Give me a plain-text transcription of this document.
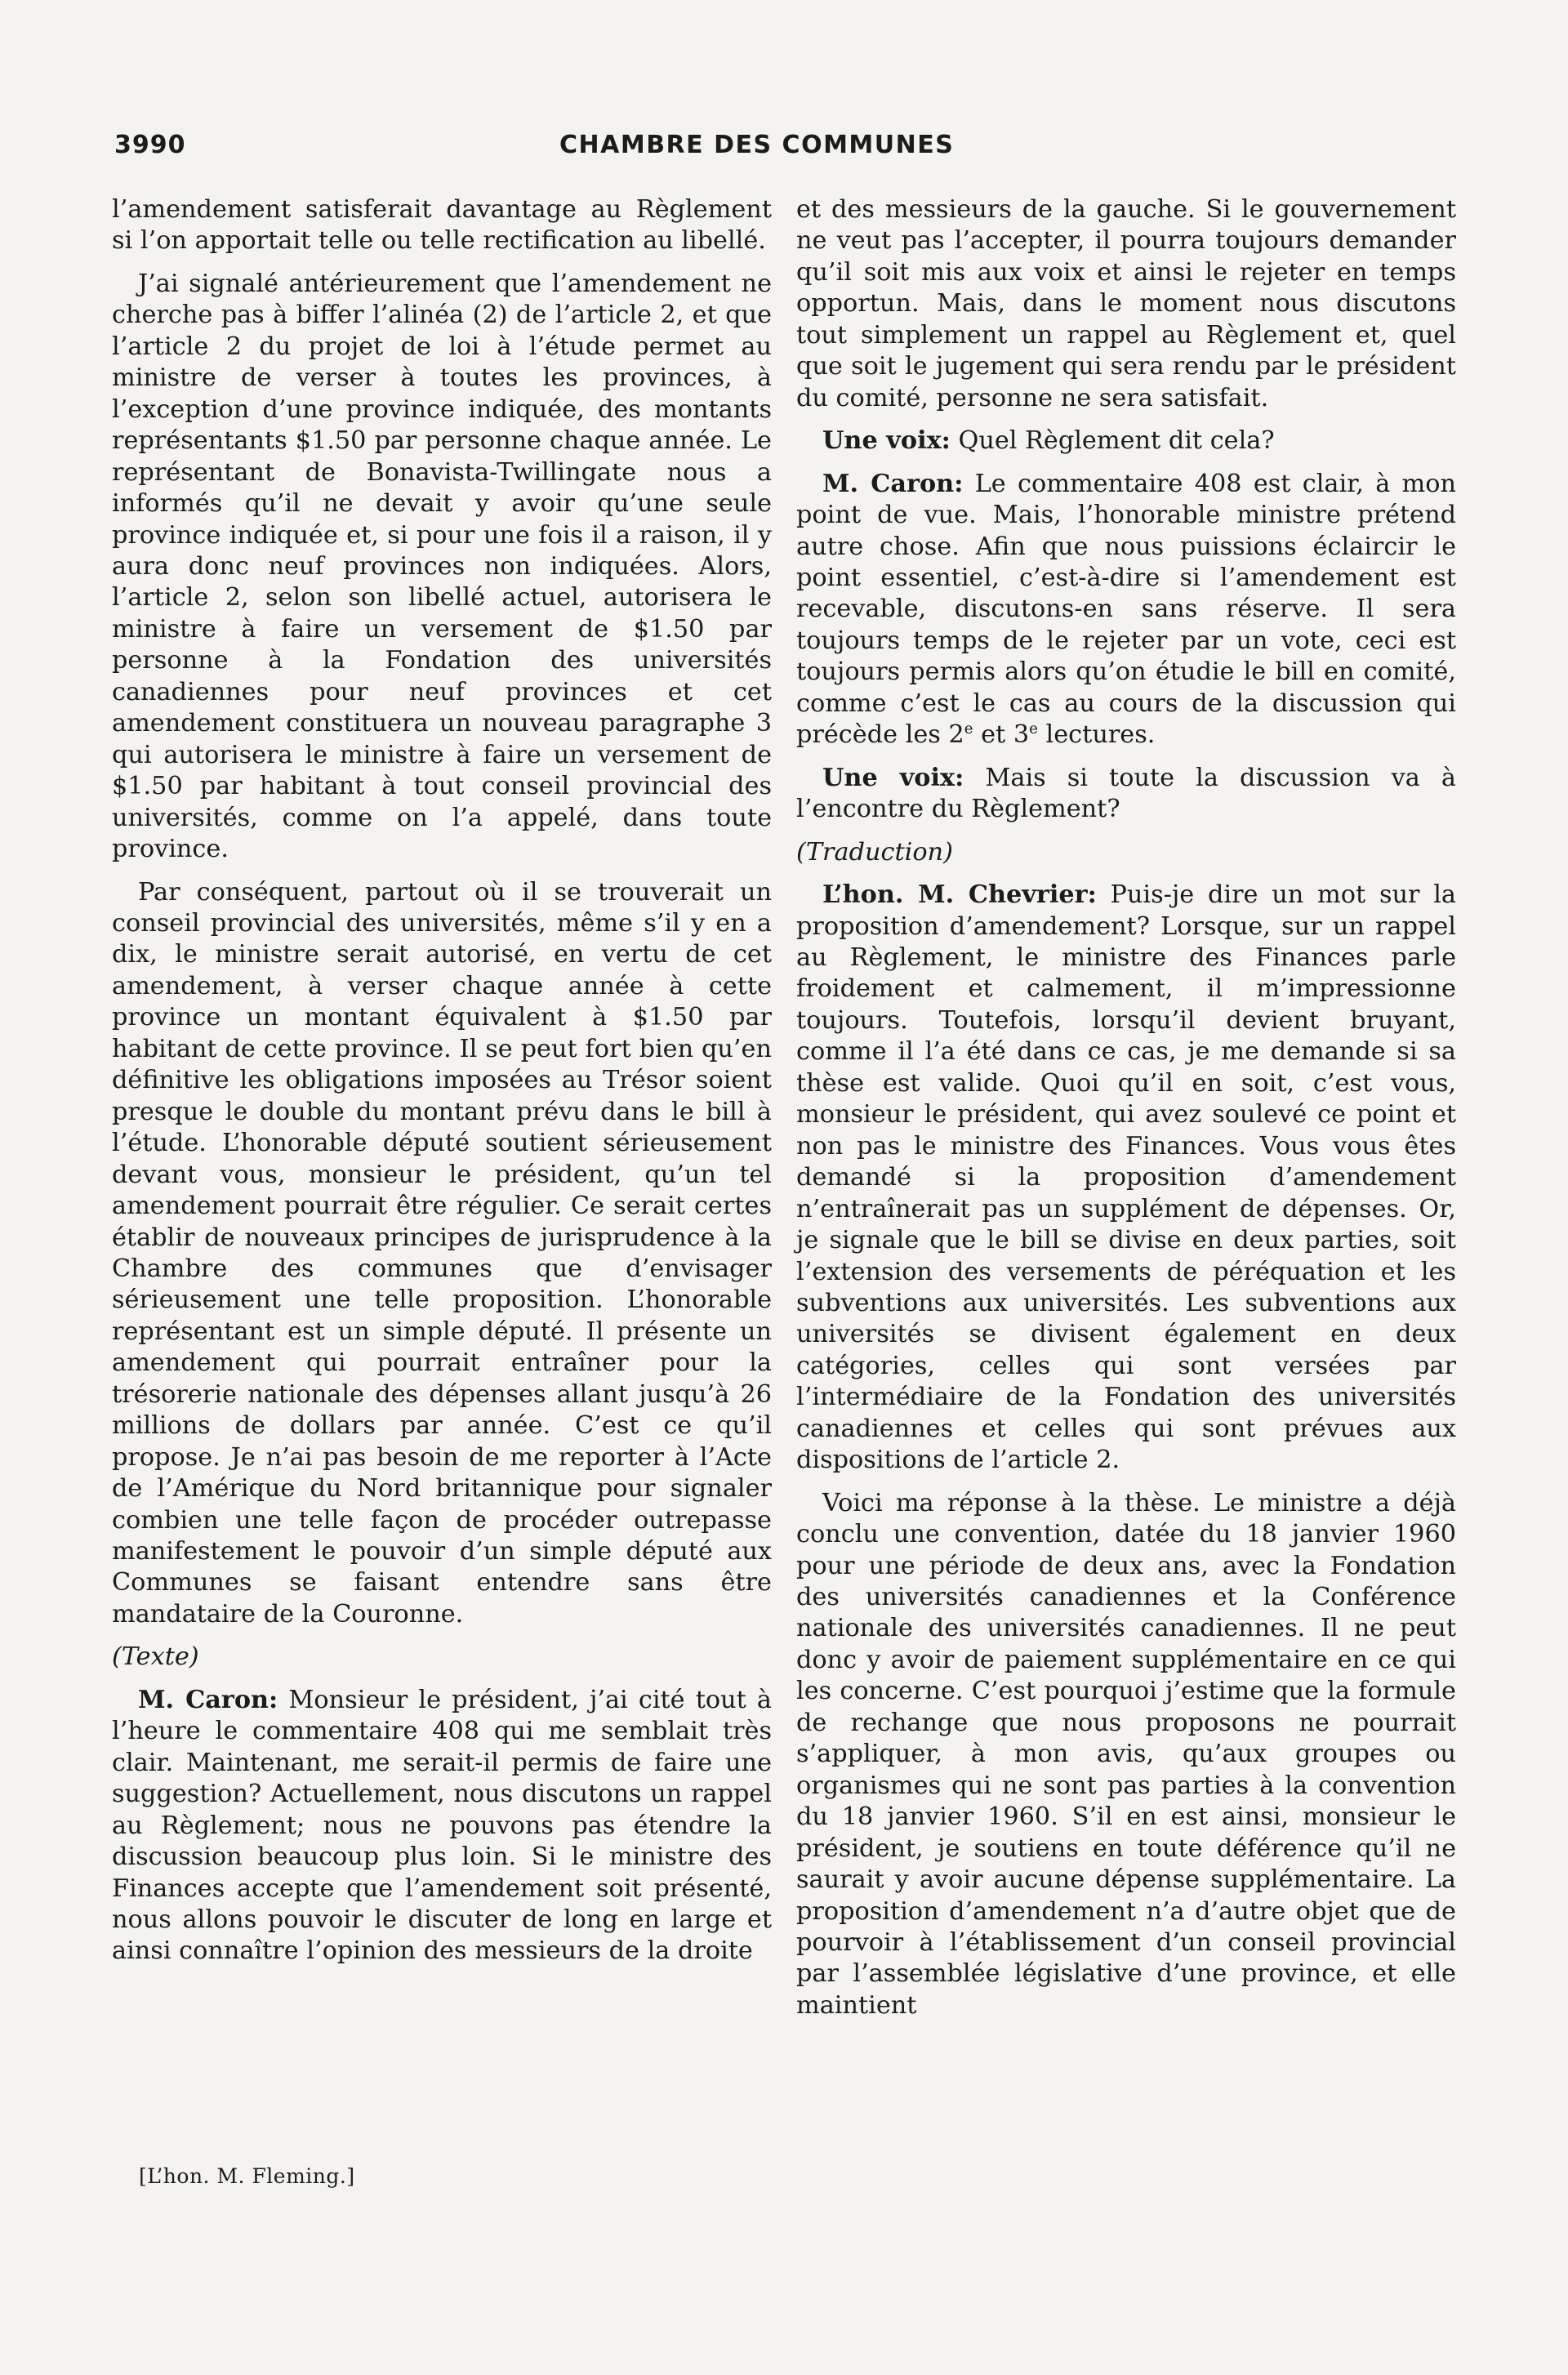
3990	CHAMBRE DES COMMUNES

l’amendement satisferait davantage au Règlement si l’on apportait telle ou telle rectification au libellé.

J’ai signalé antérieurement que l’amendement ne cherche pas à biffer l’alinéa (2) de l’article 2, et que l’article 2 du projet de loi à l’étude permet au ministre de verser à toutes les provinces, à l’exception d’une province indiquée, des montants représentants $1.50 par personne chaque année. Le représentant de Bonavista-Twillingate nous a informés qu’il ne devait y avoir qu’une seule province indiquée et, si pour une fois il a raison, il y aura donc neuf provinces non indiquées. Alors, l’article 2, selon son libellé actuel, autorisera le ministre à faire un versement de $1.50 par personne à la Fondation des universités canadiennes pour neuf provinces et cet amendement constituera un nouveau paragraphe 3 qui autorisera le ministre à faire un versement de $1.50 par habitant à tout conseil provincial des universités, comme on l’a appelé, dans toute province.

Par conséquent, partout où il se trouverait un conseil provincial des universités, même s’il y en a dix, le ministre serait autorisé, en vertu de cet amendement, à verser chaque année à cette province un montant équivalent à $1.50 par habitant de cette province. Il se peut fort bien qu’en définitive les obligations imposées au Trésor soient presque le double du montant prévu dans le bill à l’étude. L’honorable député soutient sérieusement devant vous, monsieur le président, qu’un tel amendement pourrait être régulier. Ce serait certes établir de nouveaux principes de jurisprudence à la Chambre des communes que d’envisager sérieusement une telle proposition. L’honorable représentant est un simple député. Il présente un amendement qui pourrait entraîner pour la trésorerie nationale des dépenses allant jusqu’à 26 millions de dollars par année. C’est ce qu’il propose. Je n’ai pas besoin de me reporter à l’Acte de l’Amérique du Nord britannique pour signaler combien une telle façon de procéder outrepasse manifestement le pouvoir d’un simple député aux Communes se faisant entendre sans être mandataire de la Couronne.

(Texte)

M. Caron: Monsieur le président, j’ai cité tout à l’heure le commentaire 408 qui me semblait très clair. Maintenant, me serait-il permis de faire une suggestion? Actuellement, nous discutons un rappel au Règlement; nous ne pouvons pas étendre la discussion beaucoup plus loin. Si le ministre des Finances accepte que l’amendement soit présenté, nous allons pouvoir le discuter de long en large et ainsi connaître l’opinion des messieurs de la droite

et des messieurs de la gauche. Si le gouvernement ne veut pas l’accepter, il pourra toujours demander qu’il soit mis aux voix et ainsi le rejeter en temps opportun. Mais, dans le moment nous discutons tout simplement un rappel au Règlement et, quel que soit le jugement qui sera rendu par le président du comité, personne ne sera satisfait.

Une voix: Quel Règlement dit cela?

M. Caron: Le commentaire 408 est clair, à mon point de vue. Mais, l’honorable ministre prétend autre chose. Afin que nous puissions éclaircir le point essentiel, c’est-à-dire si l’amendement est recevable, discutons-en sans réserve. Il sera toujours temps de le rejeter par un vote, ceci est toujours permis alors qu’on étudie le bill en comité, comme c’est le cas au cours de la discussion qui précède les 2e et 3e lectures.

Une voix: Mais si toute la discussion va à l’encontre du Règlement?

(Traduction)

L’hon. M. Chevrier: Puis-je dire un mot sur la proposition d’amendement? Lorsque, sur un rappel au Règlement, le ministre des Finances parle froidement et calmement, il m’impressionne toujours. Toutefois, lorsqu’il devient bruyant, comme il l’a été dans ce cas, je me demande si sa thèse est valide. Quoi qu’il en soit, c’est vous, monsieur le président, qui avez soulevé ce point et non pas le ministre des Finances. Vous vous êtes demandé si la proposition d’amendement n’entraînerait pas un supplément de dépenses. Or, je signale que le bill se divise en deux parties, soit l’extension des versements de péréquation et les subventions aux universités. Les subventions aux universités se divisent également en deux catégories, celles qui sont versées par l’intermédiaire de la Fondation des universités canadiennes et celles qui sont prévues aux dispositions de l’article 2.

Voici ma réponse à la thèse. Le ministre a déjà conclu une convention, datée du 18 janvier 1960 pour une période de deux ans, avec la Fondation des universités canadiennes et la Conférence nationale des universités canadiennes. Il ne peut donc y avoir de paiement supplémentaire en ce qui les concerne. C’est pourquoi j’estime que la formule de rechange que nous proposons ne pourrait s’appliquer, à mon avis, qu’aux groupes ou organismes qui ne sont pas parties à la convention du 18 janvier 1960. S’il en est ainsi, monsieur le président, je soutiens en toute déférence qu’il ne saurait y avoir aucune dépense supplémentaire. La proposition d’amendement n’a d’autre objet que de pourvoir à l’établissement d’un conseil provincial par l’assemblée législative d’une province, et elle maintient

[L’hon. M. Fleming.]
